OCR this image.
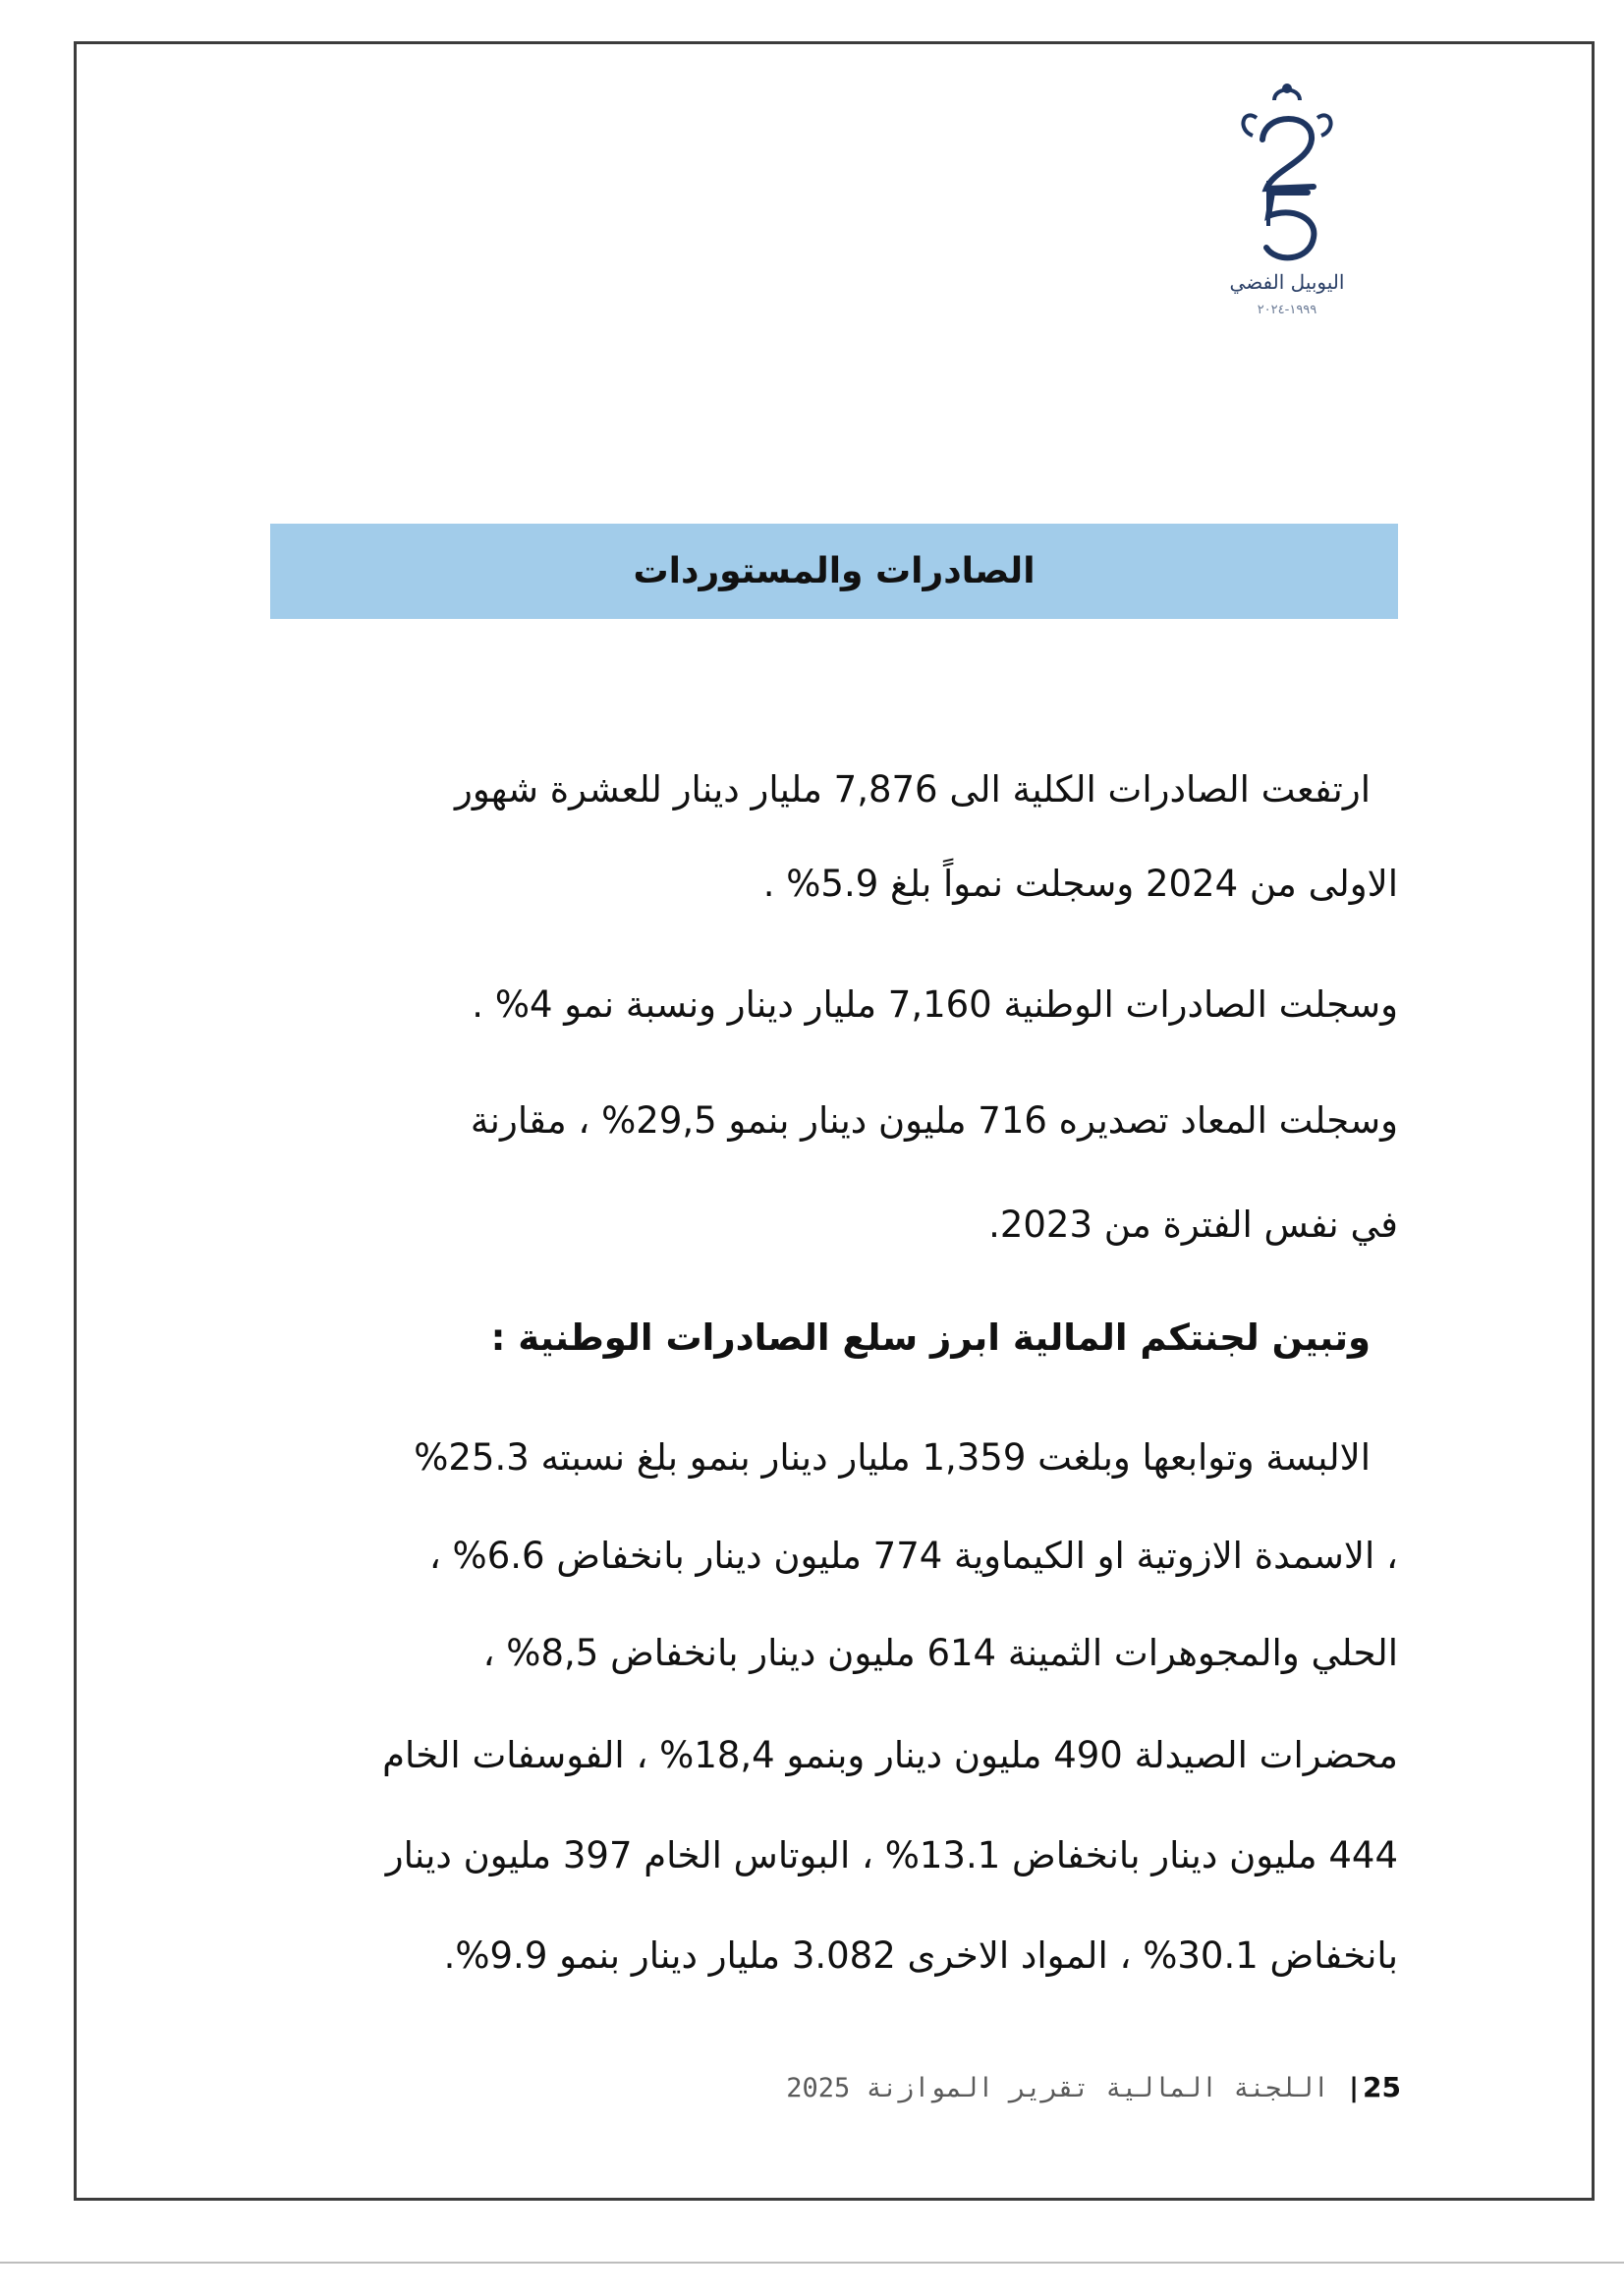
اليوبيل الفضي
١٩٩٩-٢٠٢٤
الصادرات والمستوردات

ارتفعت الصادرات الكلية الى 7,876 مليار دينار للعشرة شهور

الاولى من 2024 وسجلت نمواً بلغ 5.9% .

وسجلت الصادرات الوطنية 7,160 مليار دينار ونسبة نمو 4% .

وسجلت المعاد تصديره 716 مليون دينار بنمو 29,5% ، مقارنة

في نفس الفترة من 2023.

وتبين لجنتكم المالية ابرز سلع الصادرات الوطنية :

الالبسة وتوابعها وبلغت 1,359 مليار دينار بنمو بلغ نسبته 25.3%

، الاسمدة الازوتية او الكيماوية 774 مليون دينار بانخفاض 6.6% ،

الحلي والمجوهرات الثمينة 614 مليون دينار بانخفاض 8,5% ،

محضرات الصيدلة 490 مليون دينار وبنمو 18,4% ، الفوسفات الخام

444 مليون دينار بانخفاض 13.1% ، البوتاس الخام 397 مليون دينار

بانخفاض 30.1% ، المواد الاخرى 3.082 مليار دينار بنمو 9.9%.

25| اللجنة المالية تقرير الموازنة 2025
